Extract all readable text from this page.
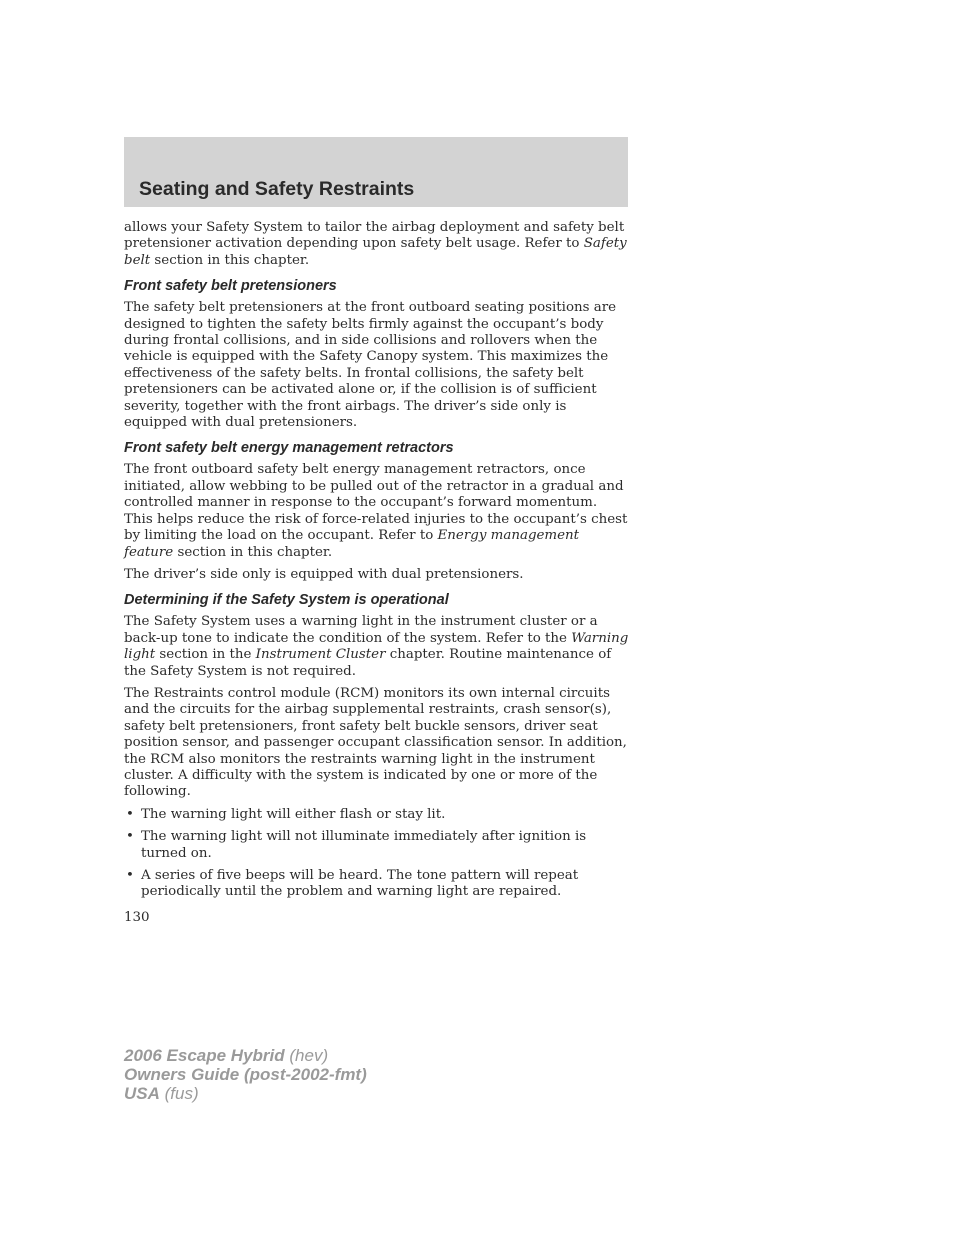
Seating and Safety Restraints

allows your Safety System to tailor the airbag deployment and safety belt pretensioner activation depending upon safety belt usage. Refer to Safety belt section in this chapter.

Front safety belt pretensioners

The safety belt pretensioners at the front outboard seating positions are designed to tighten the safety belts firmly against the occupant’s body during frontal collisions, and in side collisions and rollovers when the vehicle is equipped with the Safety Canopy system. This maximizes the effectiveness of the safety belts. In frontal collisions, the safety belt pretensioners can be activated alone or, if the collision is of sufficient severity, together with the front airbags. The driver’s side only is equipped with dual pretensioners.

Front safety belt energy management retractors

The front outboard safety belt energy management retractors, once initiated, allow webbing to be pulled out of the retractor in a gradual and controlled manner in response to the occupant’s forward momentum. This helps reduce the risk of force-related injuries to the occupant’s chest by limiting the load on the occupant. Refer to Energy management feature section in this chapter.

The driver’s side only is equipped with dual pretensioners.

Determining if the Safety System is operational

The Safety System uses a warning light in the instrument cluster or a back-up tone to indicate the condition of the system. Refer to the Warning light section in the Instrument Cluster chapter. Routine maintenance of the Safety System is not required.

The Restraints control module (RCM) monitors its own internal circuits and the circuits for the airbag supplemental restraints, crash sensor(s), safety belt pretensioners, front safety belt buckle sensors, driver seat position sensor, and passenger occupant classification sensor. In addition, the RCM also monitors the restraints warning light in the instrument cluster. A difficulty with the system is indicated by one or more of the following.

• The warning light will either flash or stay lit.
• The warning light will not illuminate immediately after ignition is turned on.
• A series of five beeps will be heard. The tone pattern will repeat periodically until the problem and warning light are repaired.
130
2006 Escape Hybrid (hev)
Owners Guide (post-2002-fmt)
USA (fus)
